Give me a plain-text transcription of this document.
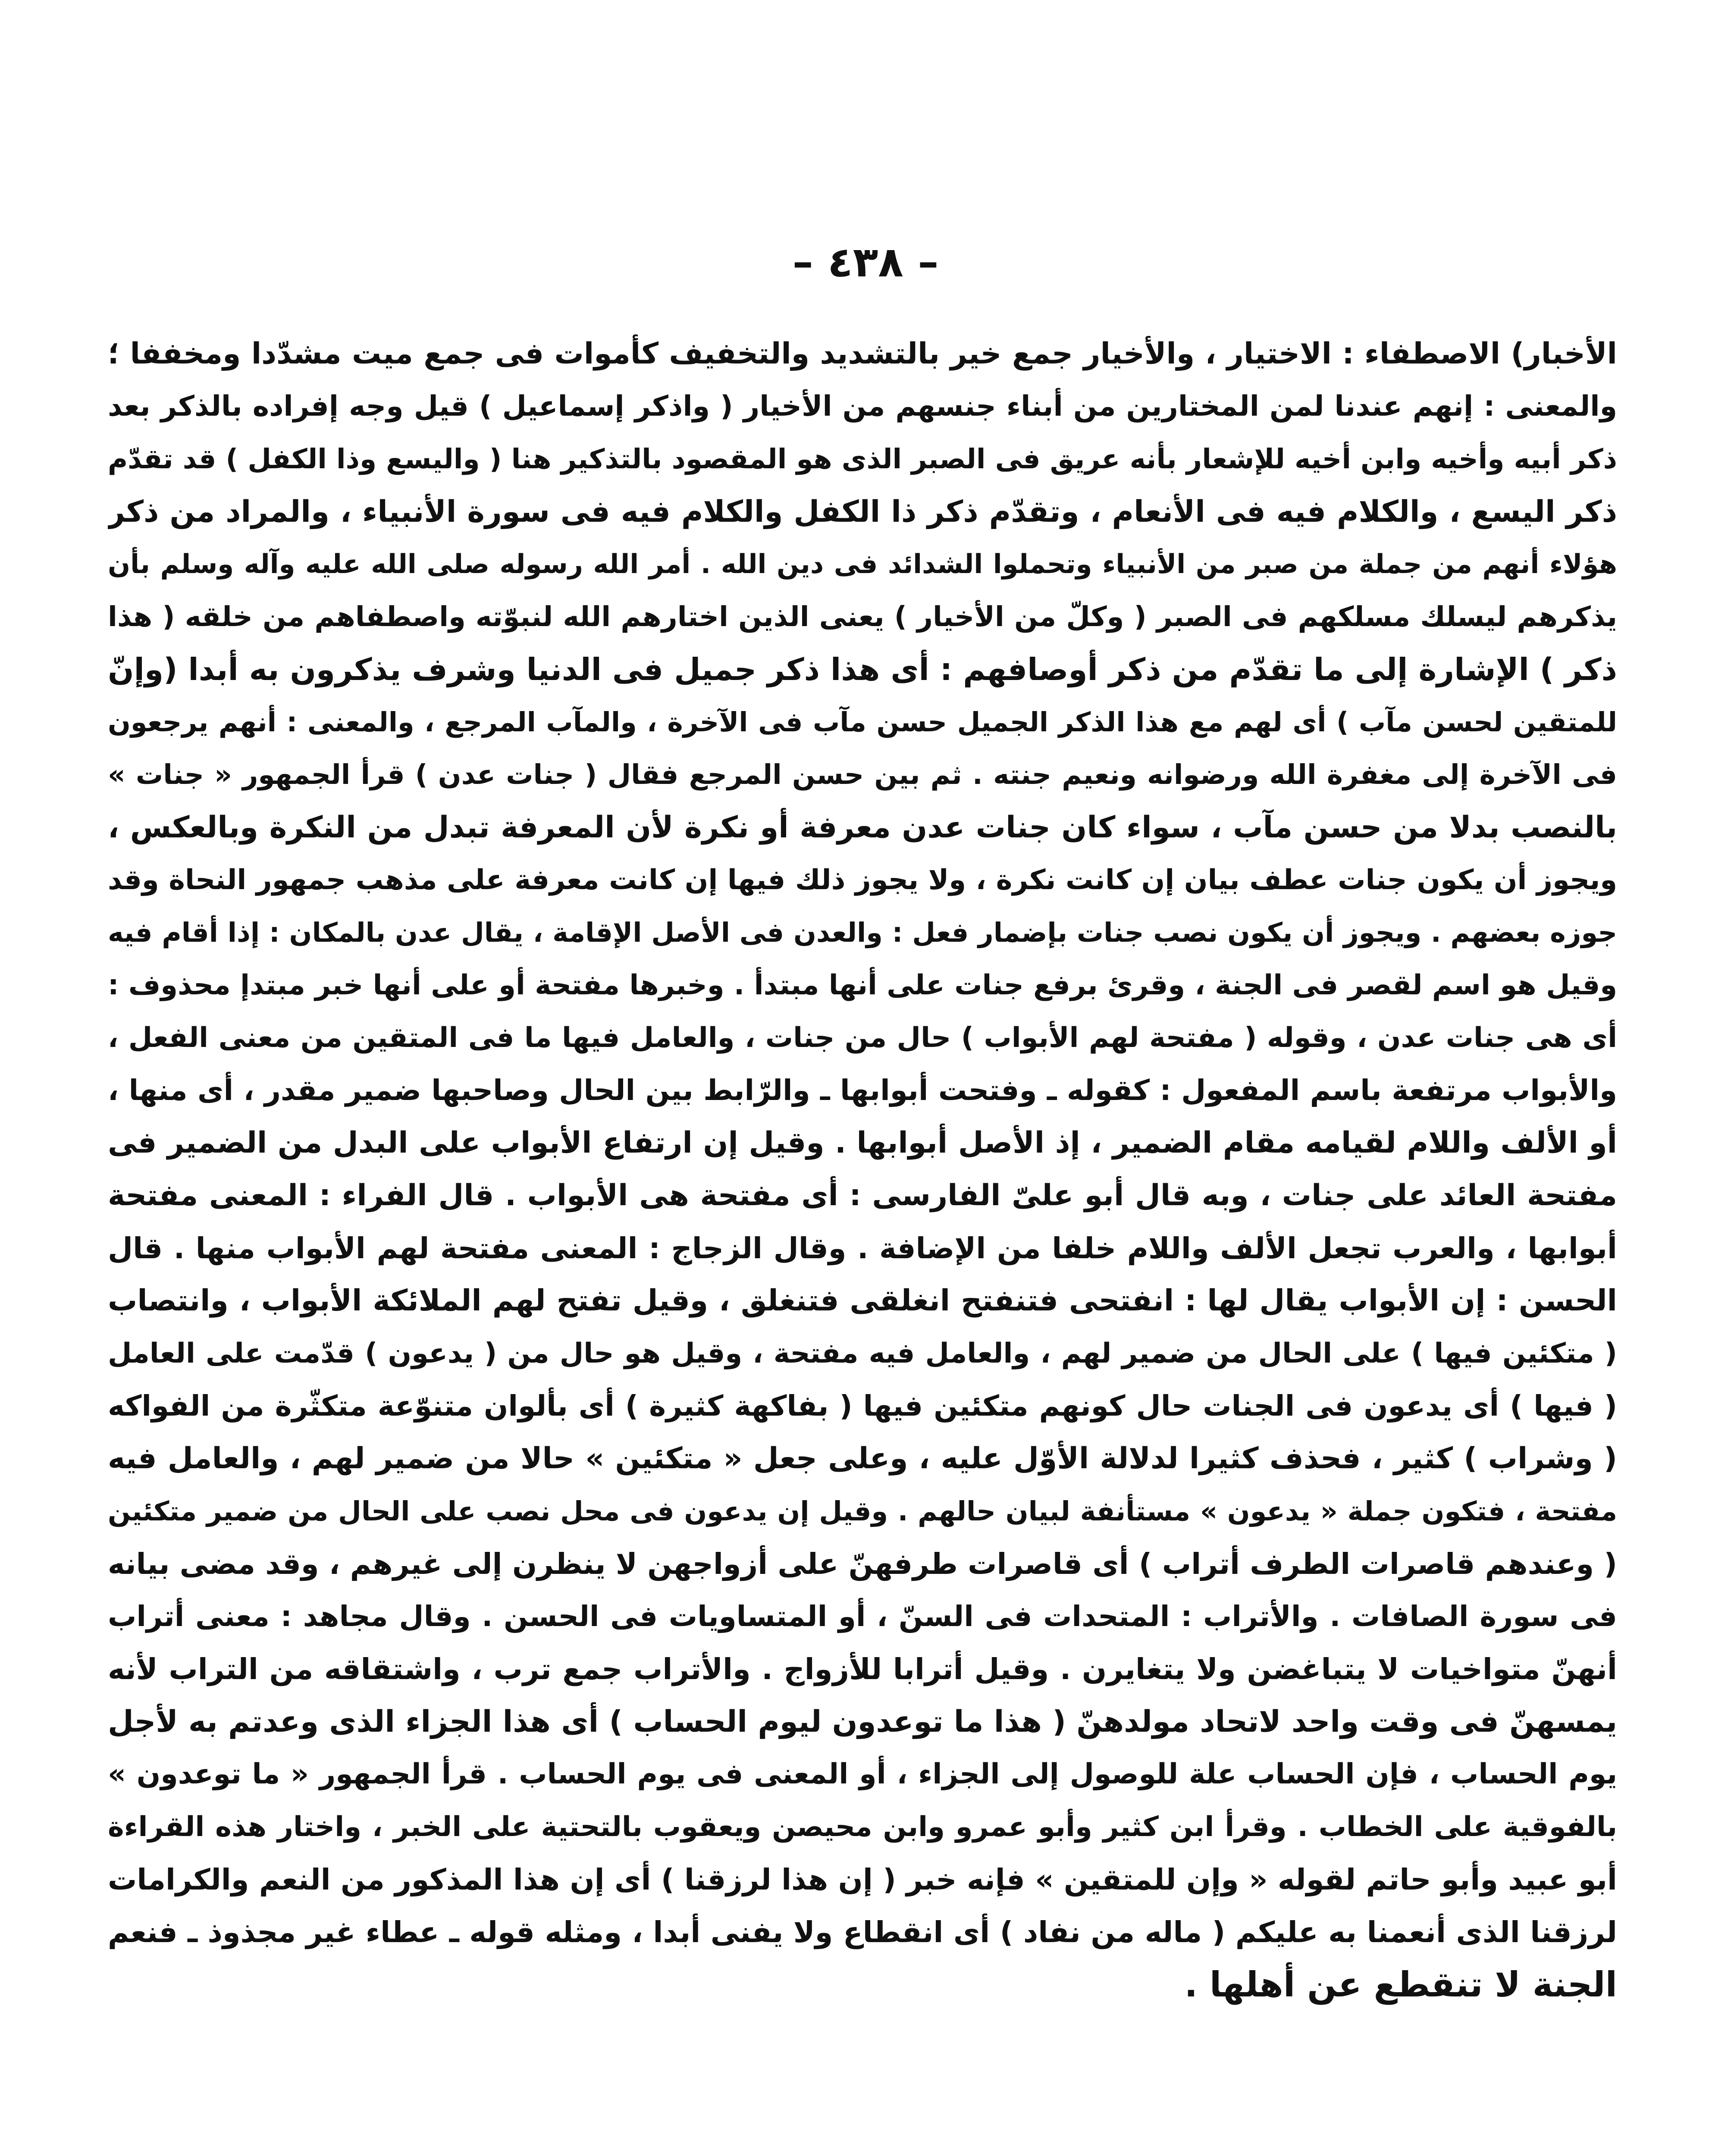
– ٤٣٨ –
الأخبار) الاصطفاء : الاختيار ، والأخيار جمع خير بالتشديد والتخفيف كأموات فى جمع ميت مشدّدا ومخففا ؛
والمعنى : إنهم عندنا لمن المختارين من أبناء جنسهم من الأخيار ( واذكر إسماعيل ) قيل وجه إفراده بالذكر بعد
ذكر أبيه وأخيه وابن أخيه للإشعار بأنه عريق فى الصبر الذى هو المقصود بالتذكير هنا ( واليسع وذا الكفل ) قد تقدّم
ذكر اليسع ، والكلام فيه فى الأنعام ، وتقدّم ذكر ذا الكفل والكلام فيه فى سورة الأنبياء ، والمراد من ذكر
هؤلاء أنهم من جملة من صبر من الأنبياء وتحملوا الشدائد فى دين الله . أمر الله رسوله صلى الله عليه وآله وسلم بأن
يذكرهم ليسلك مسلكهم فى الصبر ( وكلّ من الأخيار ) يعنى الذين اختارهم الله لنبوّته واصطفاهم من خلقه ( هذا
ذكر ) الإشارة إلى ما تقدّم من ذكر أوصافهم : أى هذا ذكر جميل فى الدنيا وشرف يذكرون به أبدا (وإنّ
للمتقين لحسن مآب ) أى لهم مع هذا الذكر الجميل حسن مآب فى الآخرة ، والمآب المرجع ، والمعنى : أنهم يرجعون
فى الآخرة إلى مغفرة الله ورضوانه ونعيم جنته . ثم بين حسن المرجع فقال ( جنات عدن ) قرأ الجمهور « جنات »
بالنصب بدلا من حسن مآب ، سواء كان جنات عدن معرفة أو نكرة لأن المعرفة تبدل من النكرة وبالعكس ،
ويجوز أن يكون جنات عطف بيان إن كانت نكرة ، ولا يجوز ذلك فيها إن كانت معرفة على مذهب جمهور النحاة وقد
جوزه بعضهم . ويجوز أن يكون نصب جنات بإضمار فعل : والعدن فى الأصل الإقامة ، يقال عدن بالمكان : إذا أقام فيه
وقيل هو اسم لقصر فى الجنة ، وقرئ برفع جنات على أنها مبتدأ . وخبرها مفتحة أو على أنها خبر مبتدإ محذوف :
أى هى جنات عدن ، وقوله ( مفتحة لهم الأبواب ) حال من جنات ، والعامل فيها ما فى المتقين من معنى الفعل ،
والأبواب مرتفعة باسم المفعول : كقوله ـ وفتحت أبوابها ـ والرّابط بين الحال وصاحبها ضمير مقدر ، أى منها ،
أو الألف واللام لقيامه مقام الضمير ، إذ الأصل أبوابها . وقيل إن ارتفاع الأبواب على البدل من الضمير فى
مفتحة العائد على جنات ، وبه قال أبو علىّ الفارسى : أى مفتحة هى الأبواب . قال الفراء : المعنى مفتحة
أبوابها ، والعرب تجعل الألف واللام خلفا من الإضافة . وقال الزجاج : المعنى مفتحة لهم الأبواب منها . قال
الحسن : إن الأبواب يقال لها : انفتحى فتنفتح انغلقى فتنغلق ، وقيل تفتح لهم الملائكة الأبواب ، وانتصاب
( متكئين فيها ) على الحال من ضمير لهم ، والعامل فيه مفتحة ، وقيل هو حال من ( يدعون ) قدّمت على العامل
( فيها ) أى يدعون فى الجنات حال كونهم متكئين فيها ( بفاكهة كثيرة ) أى بألوان متنوّعة متكثّرة من الفواكه
( وشراب ) كثير ، فحذف كثيرا لدلالة الأوّل عليه ، وعلى جعل « متكئين » حالا من ضمير لهم ، والعامل فيه
مفتحة ، فتكون جملة « يدعون » مستأنفة لبيان حالهم . وقيل إن يدعون فى محل نصب على الحال من ضمير متكئين
( وعندهم قاصرات الطرف أتراب ) أى قاصرات طرفهنّ على أزواجهن لا ينظرن إلى غيرهم ، وقد مضى بيانه
فى سورة الصافات . والأتراب : المتحدات فى السنّ ، أو المتساويات فى الحسن . وقال مجاهد : معنى أتراب
أنهنّ متواخيات لا يتباغضن ولا يتغايرن . وقيل أترابا للأزواج . والأتراب جمع ترب ، واشتقاقه من التراب لأنه
يمسهنّ فى وقت واحد لاتحاد مولدهنّ ( هذا ما توعدون ليوم الحساب ) أى هذا الجزاء الذى وعدتم به لأجل
يوم الحساب ، فإن الحساب علة للوصول إلى الجزاء ، أو المعنى فى يوم الحساب . قرأ الجمهور « ما توعدون »
بالفوقية على الخطاب . وقرأ ابن كثير وأبو عمرو وابن محيصن ويعقوب بالتحتية على الخبر ، واختار هذه القراءة
أبو عبيد وأبو حاتم لقوله « وإن للمتقين » فإنه خبر ( إن هذا لرزقنا ) أى إن هذا المذكور من النعم والكرامات
لرزقنا الذى أنعمنا به عليكم ( ماله من نفاد ) أى انقطاع ولا يفنى أبدا ، ومثله قوله ـ عطاء غير مجذوذ ـ فنعم
الجنة لا تنقطع عن أهلها .
